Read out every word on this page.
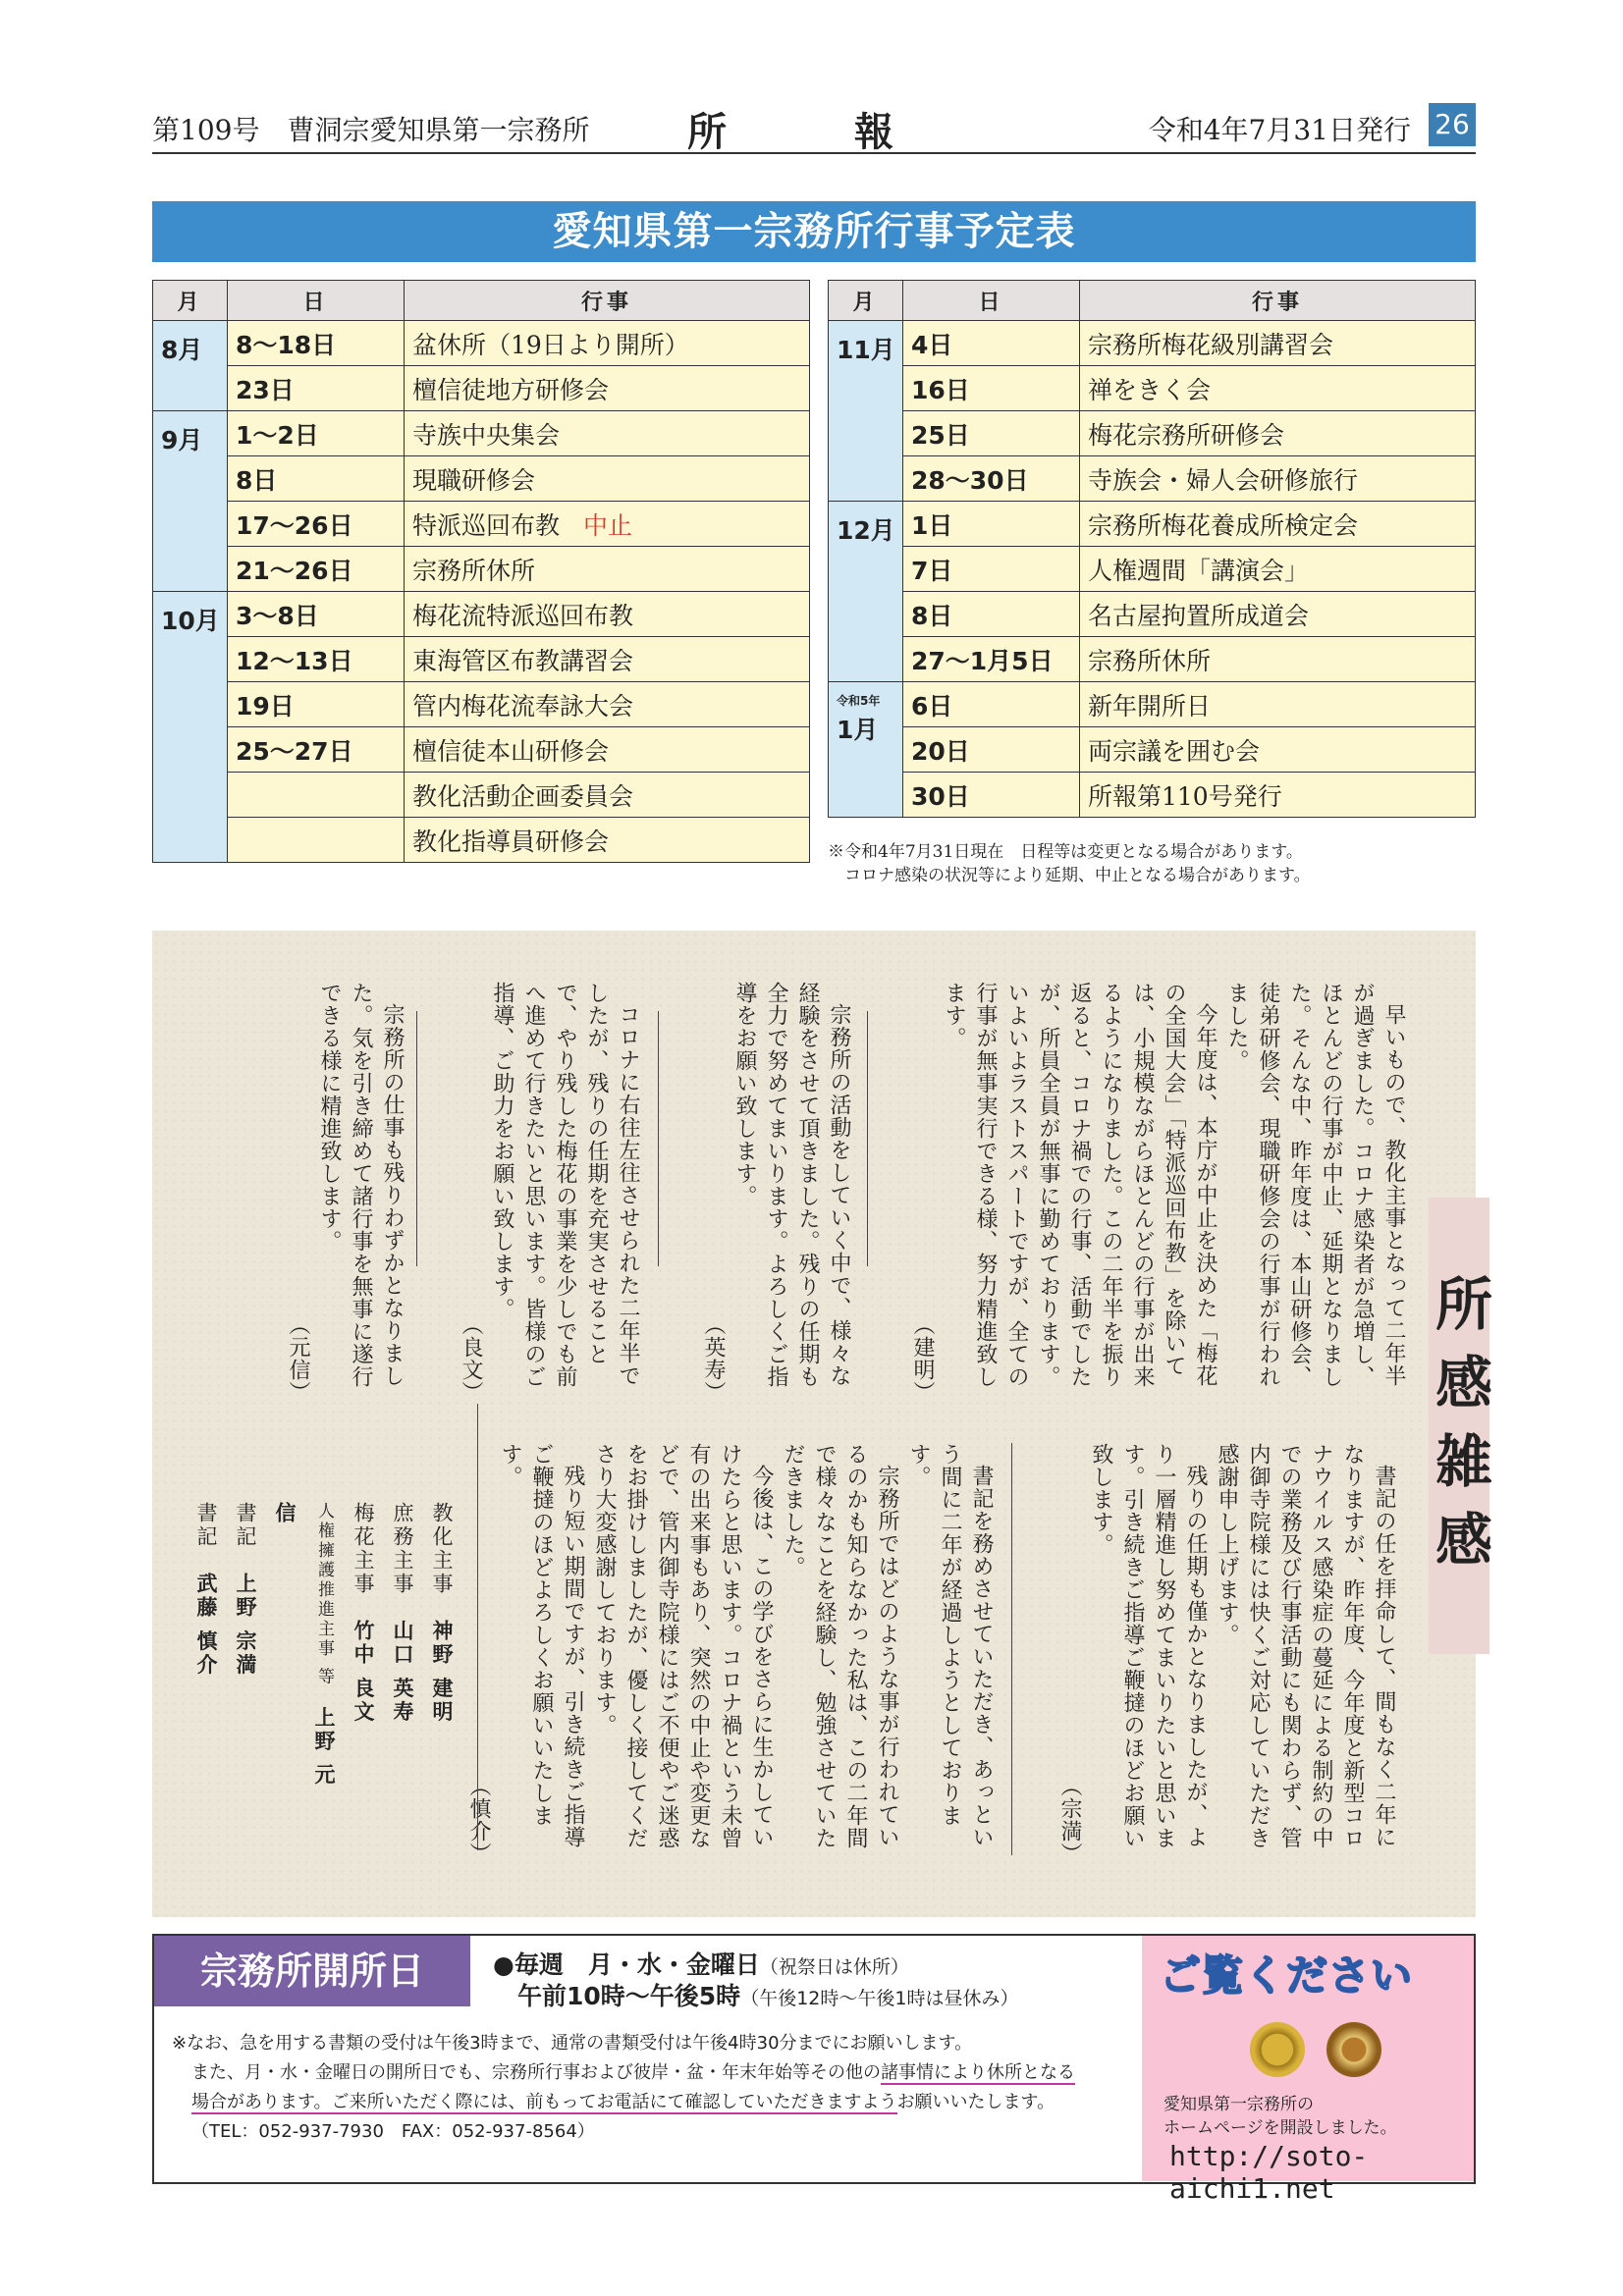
第109号　曹洞宗愛知県第一宗務所 所報	令和4年7月31日発行 26
愛知県第一宗務所行事予定表
月	日	行事
8月	8〜18日	盆休所（19日より開所）
	23日	檀信徒地方研修会
9月	1〜2日	寺族中央集会
	8日	現職研修会
	17〜26日	特派巡回布教 中止
	21〜26日	宗務所休所
10月	3〜8日	梅花流特派巡回布教
	12〜13日	東海管区布教講習会
	19日	管内梅花流奉詠大会
	25〜27日	檀信徒本山研修会
		教化活動企画委員会
		教化指導員研修会
月	日	行事
11月	4日	宗務所梅花級別講習会
	16日	禅をきく会
	25日	梅花宗務所研修会
	28〜30日	寺族会・婦人会研修旅行
12月	1日	宗務所梅花養成所検定会
	7日	人権週間「講演会」
	8日	名古屋拘置所成道会
	27〜1月5日	宗務所休所

令和5年
1月	6日	新年開所日
	20日	両宗議を囲む会
	30日	所報第110号発行
※令和4年7月31日現在　日程等は変更となる場合があります。
コロナ感染の状況等により延期、中止となる場合があります。
所感雑感

早いもので、教化主事となって二年半が過ぎました。コロナ感染者が急増し、ほとんどの行事が中止、延期となりました。そんな中、昨年度は、本山研修会、徒弟研修会、現職研修会の行事が行われました。

今年度は、本庁が中止を決めた「梅花の全国大会」「特派巡回布教」を除いては、小規模ながらほとんどの行事が出来るようになりました。この二年半を振り返ると、コロナ禍での行事、活動でしたが、所員全員が無事に勤めております。いよいよラストスパートですが、全ての行事が無事実行できる様、努力精進致します。

（建明）

宗務所の活動をしていく中で、様々な経験をさせて頂きました。残りの任期も全力で努めてまいります。よろしくご指導をお願い致します。

（英寿）

コロナに右往左往させられた二年半でしたが、残りの任期を充実させることで、やり残した梅花の事業を少しでも前へ進めて行きたいと思います。皆様のご指導、ご助力をお願い致します。

（良文）

宗務所の仕事も残りわずかとなりました。気を引き締めて諸行事を無事に遂行できる様に精進致します。

（元信）

書記の任を拝命して、間もなく二年になりますが、昨年度、今年度と新型コロナウイルス感染症の蔓延による制約の中での業務及び行事活動にも関わらず、管内御寺院様には快くご対応していただき感謝申し上げます。

残りの任期も僅かとなりましたが、より一層精進し努めてまいりたいと思います。引き続きご指導ご鞭撻のほどお願い致します。

（宗満）

書記を務めさせていただき、あっという間に二年が経過しようとしております。

宗務所ではどのような事が行われているのかも知らなかった私は、この二年間で様々なことを経験し、勉強させていただきました。

今後は、この学びをさらに生かしていけたらと思います。コロナ禍という未曾有の出来事もあり、突然の中止や変更などで、管内御寺院様にはご不便やご迷惑をお掛けしましたが、優しく接してくださり大変感謝しております。

残り短い期間ですが、引き続きご指導ご鞭撻のほどよろしくお願いいたします。

（慎介）

教化主事　神野 建明
庶務主事　山口 英寿
梅花主事　竹中 良文
人権擁護推進主事 等　上野 元信
書記　上野 宗満
書記　武藤 慎介
宗務所開所日	●毎週　月・水・金曜日（祝祭日は休所）
午前10時〜午後5時（午後12時〜午後1時は昼休み）
※なお、急を用する書類の受付は午後3時まで、通常の書類受付は午後4時30分までにお願いします。
また、月・水・金曜日の開所日でも、宗務所行事および彼岸・盆・年末年始等その他の諸事情により休所となる
場合があります。ご来所いただく際には、前もってお電話にて確認していただきますようお願いいたします。
（TEL：052-937-7930　FAX：052-937-8564）
ご覧ください
愛知県第一宗務所の
ホームページを開設しました。
http://soto-aichi1.net
